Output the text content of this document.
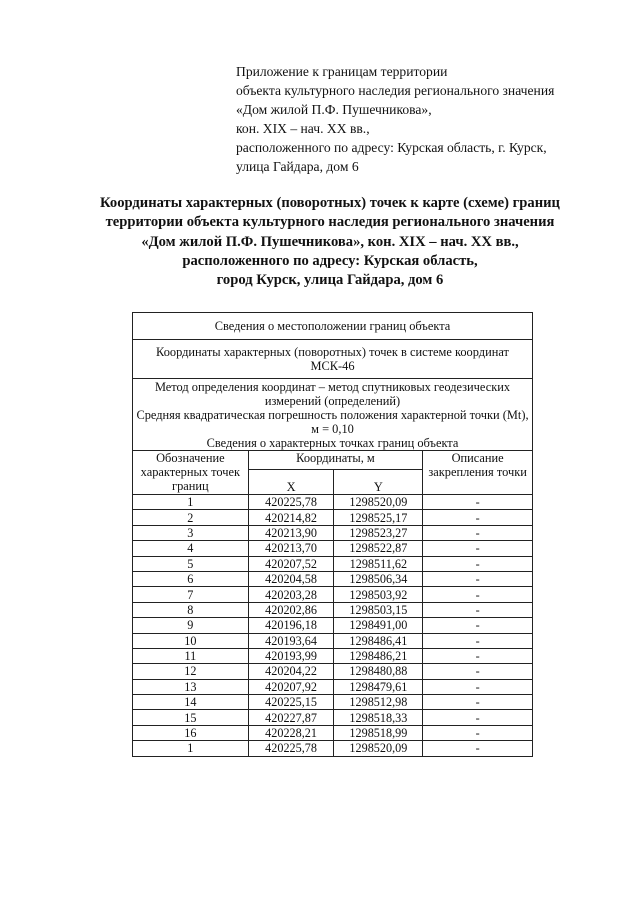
Приложение к границам территории
объекта культурного наследия регионального значения
«Дом жилой П.Ф. Пушечникова»,
кон. XIX – нач. XX вв.,
расположенного по адресу: Курская область, г. Курск,
улица Гайдара, дом 6
Координаты характерных (поворотных) точек к карте (схеме) границ
территории объекта культурного наследия регионального значения
«Дом жилой П.Ф. Пушечникова», кон. XIX – нач. XX вв.,
расположенного по адресу: Курская область,
город Курск, улица Гайдара, дом 6
Сведения о местоположении границ объекта			
Координаты характерных (поворотных) точек в системе координат МСК-46			

Метод определения координат – метод спутниковых геодезических измерений (определений)
Средняя квадратическая погрешность положения характерной точки (Mt), м = 0,10
Сведения о характерных точках границ объекта			

Обозначение характерных точек границ	Координаты, м		Описание закрепления точки
	X	Y	
1	420225,78	1298520,09	-
2	420214,82	1298525,17	-
3	420213,90	1298523,27	-
4	420213,70	1298522,87	-
5	420207,52	1298511,62	-
6	420204,58	1298506,34	-
7	420203,28	1298503,92	-
8	420202,86	1298503,15	-
9	420196,18	1298491,00	-
10	420193,64	1298486,41	-
11	420193,99	1298486,21	-
12	420204,22	1298480,88	-
13	420207,92	1298479,61	-
14	420225,15	1298512,98	-
15	420227,87	1298518,33	-
16	420228,21	1298518,99	-
1	420225,78	1298520,09	-
